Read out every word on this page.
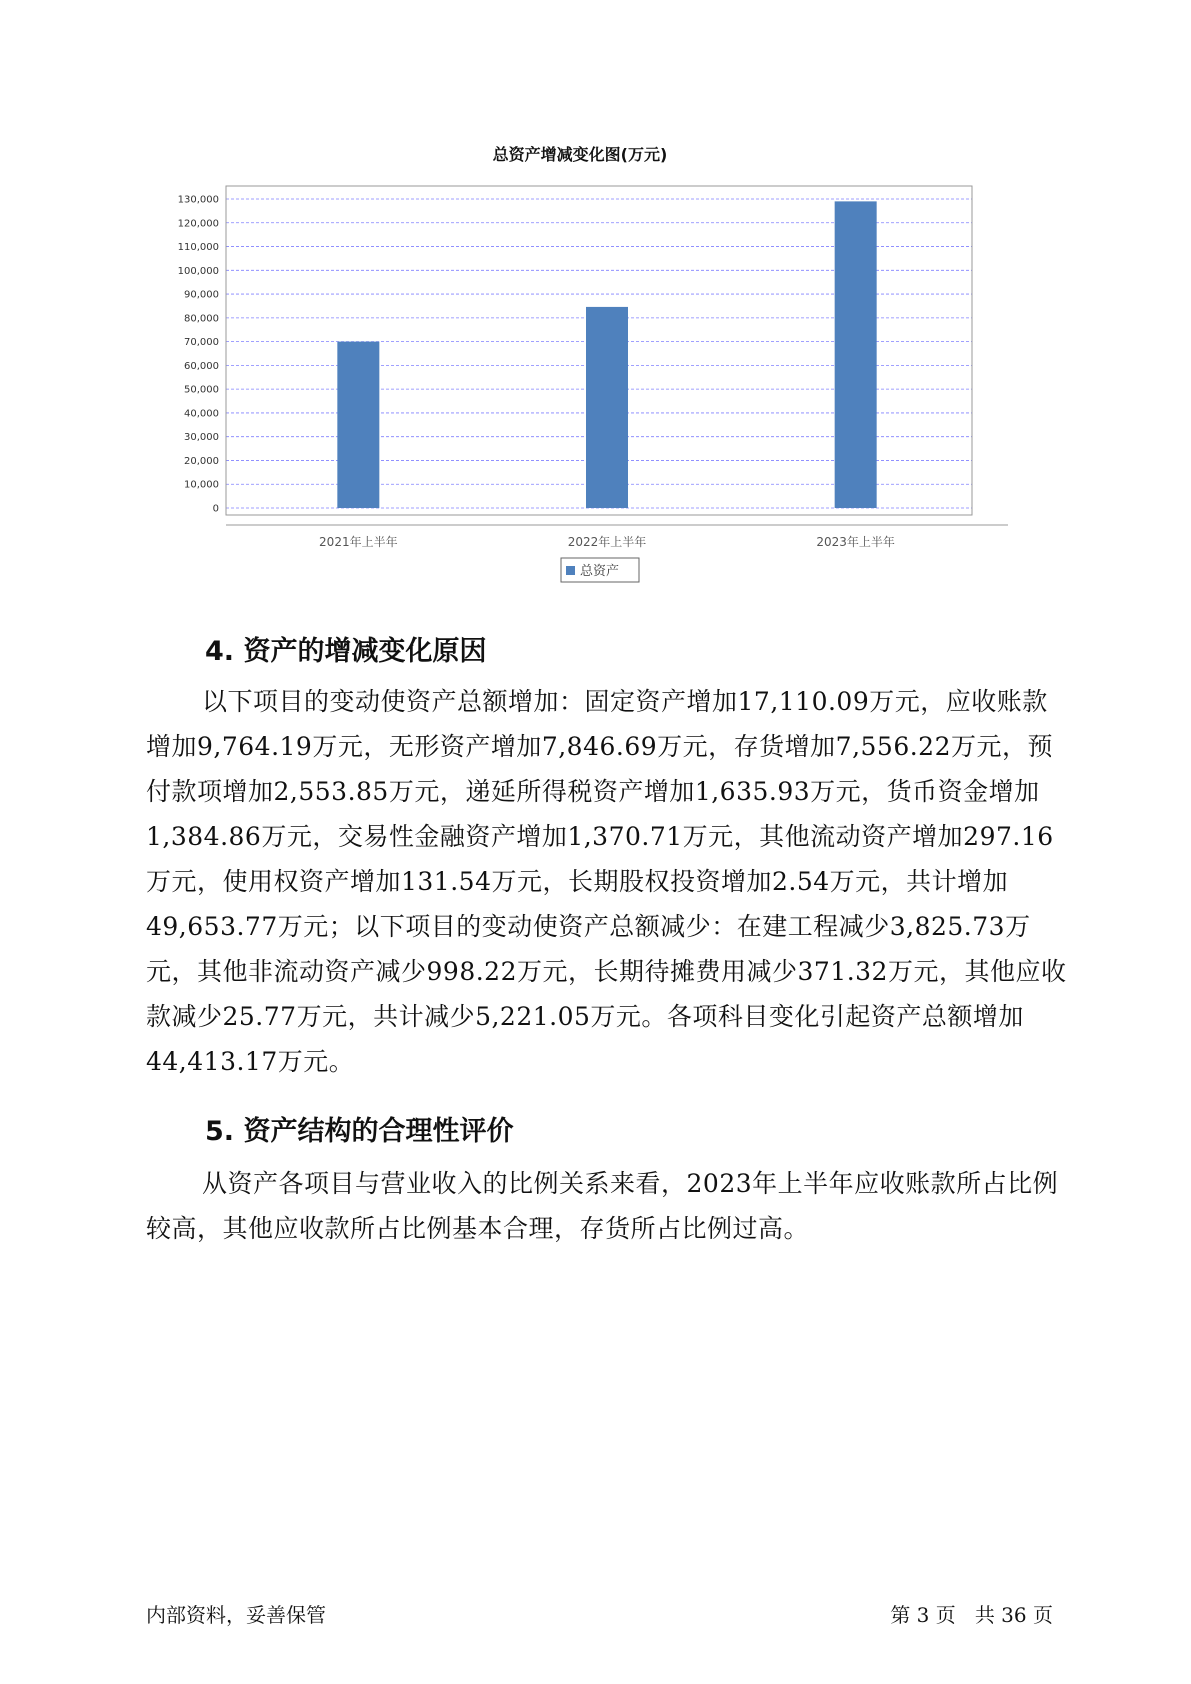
总资产增减变化图(万元)
0
10,000
20,000
30,000
40,000
50,000
60,000
70,000
80,000
90,000
100,000
110,000
120,000
130,000
2021年上半年	2022年上半年	2023年上半年
总资产
4. 资产的增减变化原因

以下项目的变动使资产总额增加：固定资产增加17,110.09万元，应收账款增加9,764.19万元，无形资产增加7,846.69万元，存货增加7,556.22万元，预付款项增加2,553.85万元，递延所得税资产增加1,635.93万元，货币资金增加1,384.86万元，交易性金融资产增加1,370.71万元，其他流动资产增加297.16万元，使用权资产增加131.54万元，长期股权投资增加2.54万元，共计增加49,653.77万元；以下项目的变动使资产总额减少：在建工程减少3,825.73万元，其他非流动资产减少998.22万元，长期待摊费用减少371.32万元，其他应收款减少25.77万元，共计减少5,221.05万元。各项科目变化引起资产总额增加44,413.17万元。

5. 资产结构的合理性评价

从资产各项目与营业收入的比例关系来看，2023年上半年应收账款所占比例较高，其他应收款所占比例基本合理，存货所占比例过高。

内部资料，妥善保管	第 3 页   共 36 页
